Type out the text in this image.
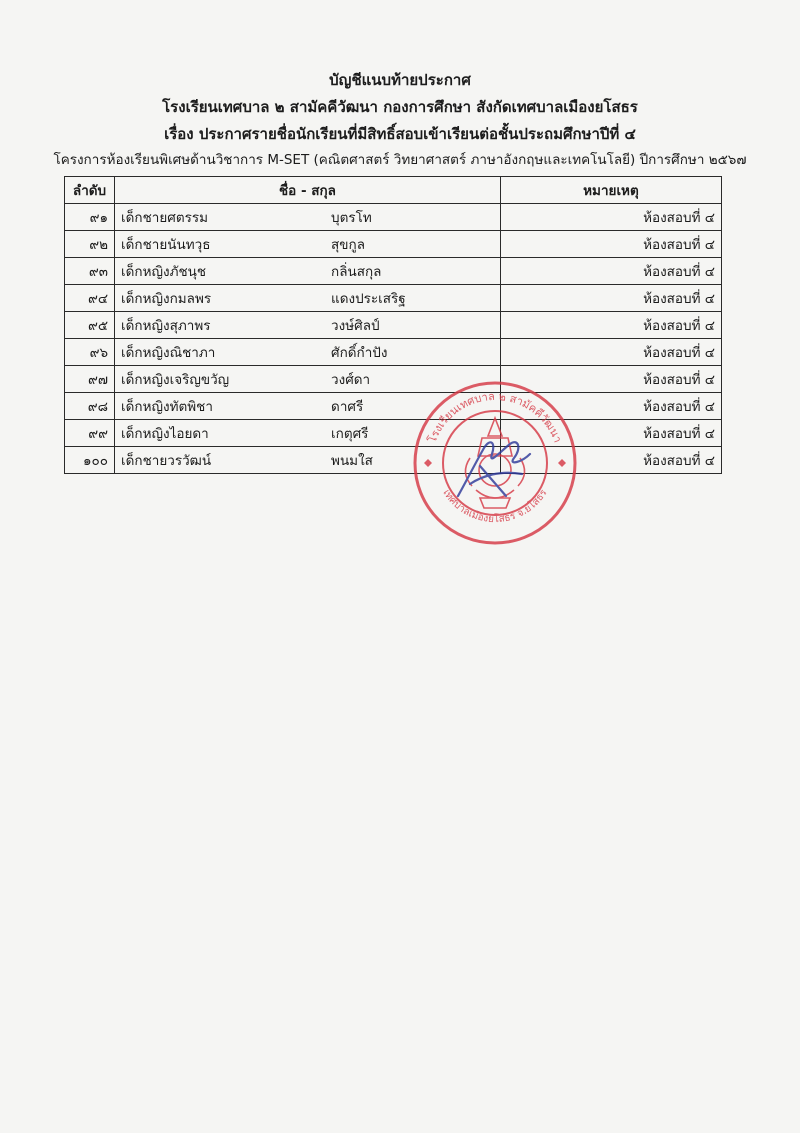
บัญชีแนบท้ายประกาศ
โรงเรียนเทศบาล ๒ สามัคคีวัฒนา กองการศึกษา สังกัดเทศบาลเมืองยโสธร
เรื่อง ประกาศรายชื่อนักเรียนที่มีสิทธิ์สอบเข้าเรียนต่อชั้นประถมศึกษาปีที่ ๔
โครงการห้องเรียนพิเศษด้านวิชาการ M-SET (คณิตศาสตร์ วิทยาศาสตร์ ภาษาอังกฤษและเทคโนโลยี) ปีการศึกษา ๒๕๖๗
ลำดับ	ชื่อ - สกุล	หมายเหตุ
๙๑	เด็กชายศตรรม บุตรโท	ห้องสอบที่ ๔
๙๒	เด็กชายนันทวุธ สุขกูล	ห้องสอบที่ ๔
๙๓	เด็กหญิงภัชนุช กลิ่นสกุล	ห้องสอบที่ ๔
๙๔	เด็กหญิงกมลพร แดงประเสริฐ	ห้องสอบที่ ๔
๙๕	เด็กหญิงสุภาพร วงษ์ศิลป์	ห้องสอบที่ ๔
๙๖	เด็กหญิงณิชาภา ศักดิ์กำปัง	ห้องสอบที่ ๔
๙๗	เด็กหญิงเจริญขวัญ วงศ์ดา	ห้องสอบที่ ๔
๙๘	เด็กหญิงทัตพิชา ดาศรี	ห้องสอบที่ ๔
๙๙	เด็กหญิงไอยดา เกตุศรี	ห้องสอบที่ ๔
๑๐๐	เด็กชายวรวัฒน์ พนมใส	ห้องสอบที่ ๔
โรงเรียนเทศบาล ๒ สามัคคีวัฒนา
เทศบาลเมืองยโสธร จ.ยโสธร
